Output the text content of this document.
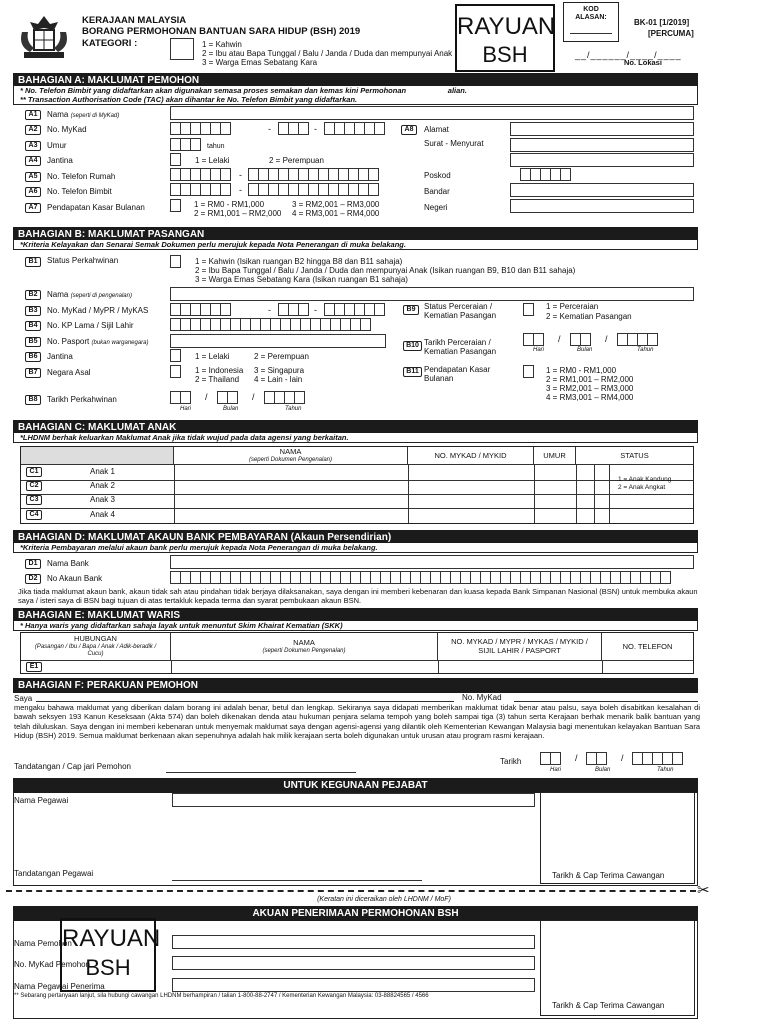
KERAJAAN MALAYSIA
BORANG PERMOHONAN BANTUAN SARA HIDUP (BSH) 2019
KATEGORI :	1 = Kahwin
2 = Ibu atau Bapa Tunggal / Balu / Janda / Duda dan mempunyai Anak
3 = Warga Emas Sebatang Kara
RAYUAN
BSH
KOD
ALASAN:
BK-01 [1/2019]
[PERCUMA]
__/______/____/____
No. Lokasi
BAHAGIAN A: MAKLUMAT PEMOHON
* No. Telefon Bimbit yang didaftarkan akan digunakan semasa proses semakan dan kemas kini Permohonan	alian.
** Transaction Authorisation Code (TAC) akan dihantar ke No. Telefon Bimbit yang didaftarkan.
A1	Nama (seperti di MyKad)
A2	No. MyKad	-	-	A8	Alamat
A3	Umur	tahun	Surat - Menyurat
A4	Jantina	1 = Lelaki	2 = Perempuan
A5	No. Telefon Rumah	-	Poskod
A6	No. Telefon Bimbit	-	Bandar
A7	Pendapatan Kasar Bulanan	1 = RM0 - RM1,000
2 = RM1,001 – RM2,000
3 = RM2,001 – RM3,000
4 = RM3,001 – RM4,000
Negeri
BAHAGIAN B: MAKLUMAT PASANGAN
*Kriteria Kelayakan dan Senarai Semak Dokumen perlu merujuk kepada Nota Penerangan di muka belakang.
B1	Status Perkahwinan	1 = Kahwin (Isikan ruangan B2 hingga B8 dan B11 sahaja)
2 = Ibu Bapa Tunggal / Balu / Janda / Duda dan mempunyai Anak (Isikan ruangan B9, B10 dan B11 sahaja)
3 = Warga Emas Sebatang Kara (Isikan ruangan B1 sahaja)
B2	Nama (seperti di pengenalan)
B3	No. MyKad / MyPR / MyKAS	-	-	B9	Status Perceraian /
Kematian Pasangan
1 = Perceraian
2 = Kematian Pasangan
B4	No. KP Lama / Sijil Lahir
B5	No. Pasport (bukan warganegara)	B10 Tarikh Perceraian /
Kematian Pasangan
/	/
Hari	Bulan	Tahun
B6	Jantina	1 = Lelaki	2 = Perempuan
B7	Negara Asal	1 = Indonesia
2 = Thailand
3 = Singapura
4 = Lain - lain
B11 Pendapatan Kasar
Bulanan
1 = RM0 - RM1,000
2 = RM1,001 – RM2,000
3 = RM2,001 – RM3,000
4 = RM3,001 – RM4,000
B8	Tarikh Perkahwinan	/	/
Hari	Bulan	Tahun
BAHAGIAN C: MAKLUMAT ANAK
*LHDNM berhak keluarkan Maklumat Anak jika tidak wujud pada data agensi yang berkaitan.
NAMA
(seperti Dokumen Pengenalan)	NO. MYKAD / MYKID	UMUR	STATUS
1 = Anak Kandung
2 = Anak Angkat
C1	Anak 1
C2	Anak 2
C3	Anak 3
C4	Anak 4
BAHAGIAN D: MAKLUMAT AKAUN BANK PEMBAYARAN (Akaun Persendirian)
*Kriteria Pembayaran melalui akaun bank perlu merujuk kepada Nota Penerangan di muka belakang.
D1	Nama Bank
D2	No Akaun Bank
Jika tiada maklumat akaun bank, akaun tidak sah atau pindahan tidak berjaya dilaksanakan, saya dengan ini memberi kebenaran dan kuasa kepada Bank Simpanan Nasional (BSN) untuk membuka akaun saya / isteri saya di BSN bagi tujuan di atas tertakluk kepada terma dan syarat pembukaan akaun BSN.
BAHAGIAN E: MAKLUMAT WARIS
* Hanya waris yang didaftarkan sahaja layak untuk menuntut Skim Khairat Kematian (SKK)
HUBUNGAN
(Pasangan / Ibu / Bapa / Anak / Adik-beradik / Cucu)
NAMA
(seperti Dokumen Pengenalan)
NO. MYKAD / MYPR / MYKAS / MYKID / SIJIL LAHIR / PASPORT	NO. TELEFON
E1
BAHAGIAN F: PERAKUAN PEMOHON
Saya	No. MyKad
mengaku bahawa maklumat yang diberikan dalam borang ini adalah benar, betul dan lengkap. Sekiranya saya didapati memberikan maklumat tidak benar atau palsu, saya boleh disabitkan kesalahan di bawah seksyen 193 Kanun Keseksaan (Akta 574) dan boleh dikenakan denda atau hukuman penjara selama tempoh yang boleh sampai tiga (3) tahun serta Kerajaan berhak menarik balik bantuan yang telah diluluskan. Saya dengan ini memberi kebenaran untuk menyemak maklumat saya dengan agensi-agensi yang dilantik oleh Kementerian Kewangan Malaysia bagi menentukan kelayakan Bantuan Sara Hidup (BSH) 2019. Semua maklumat berkenaan akan sepenuhnya adalah hak milik kerajaan serta boleh digunakan untuk urusan atau program rasmi kerajaan.
Tandatangan / Cap jari Pemohon
Tarikh	/	/
Hari	Bulan	Tahun
UNTUK KEGUNAAN PEJABAT
Nama Pegawai
Tandatangan Pegawai	Tarikh & Cap Terima Cawangan
✂
(Keratan ini diceraikan oleh LHDNM / MoF)
AKUAN PENERIMAAN PERMOHONAN BSH
Nama Pemohon
No. MyKad Pemohon
Nama Pegawai Penerima
** Sebarang pertanyaan lanjut, sila hubungi cawangan LHDNM berhampiran / talian 1-800-88-2747 / Kementerian Kewangan Malaysia: 03-88824565 / 4566
Tarikh & Cap Terima Cawangan
RAYUAN
BSH
